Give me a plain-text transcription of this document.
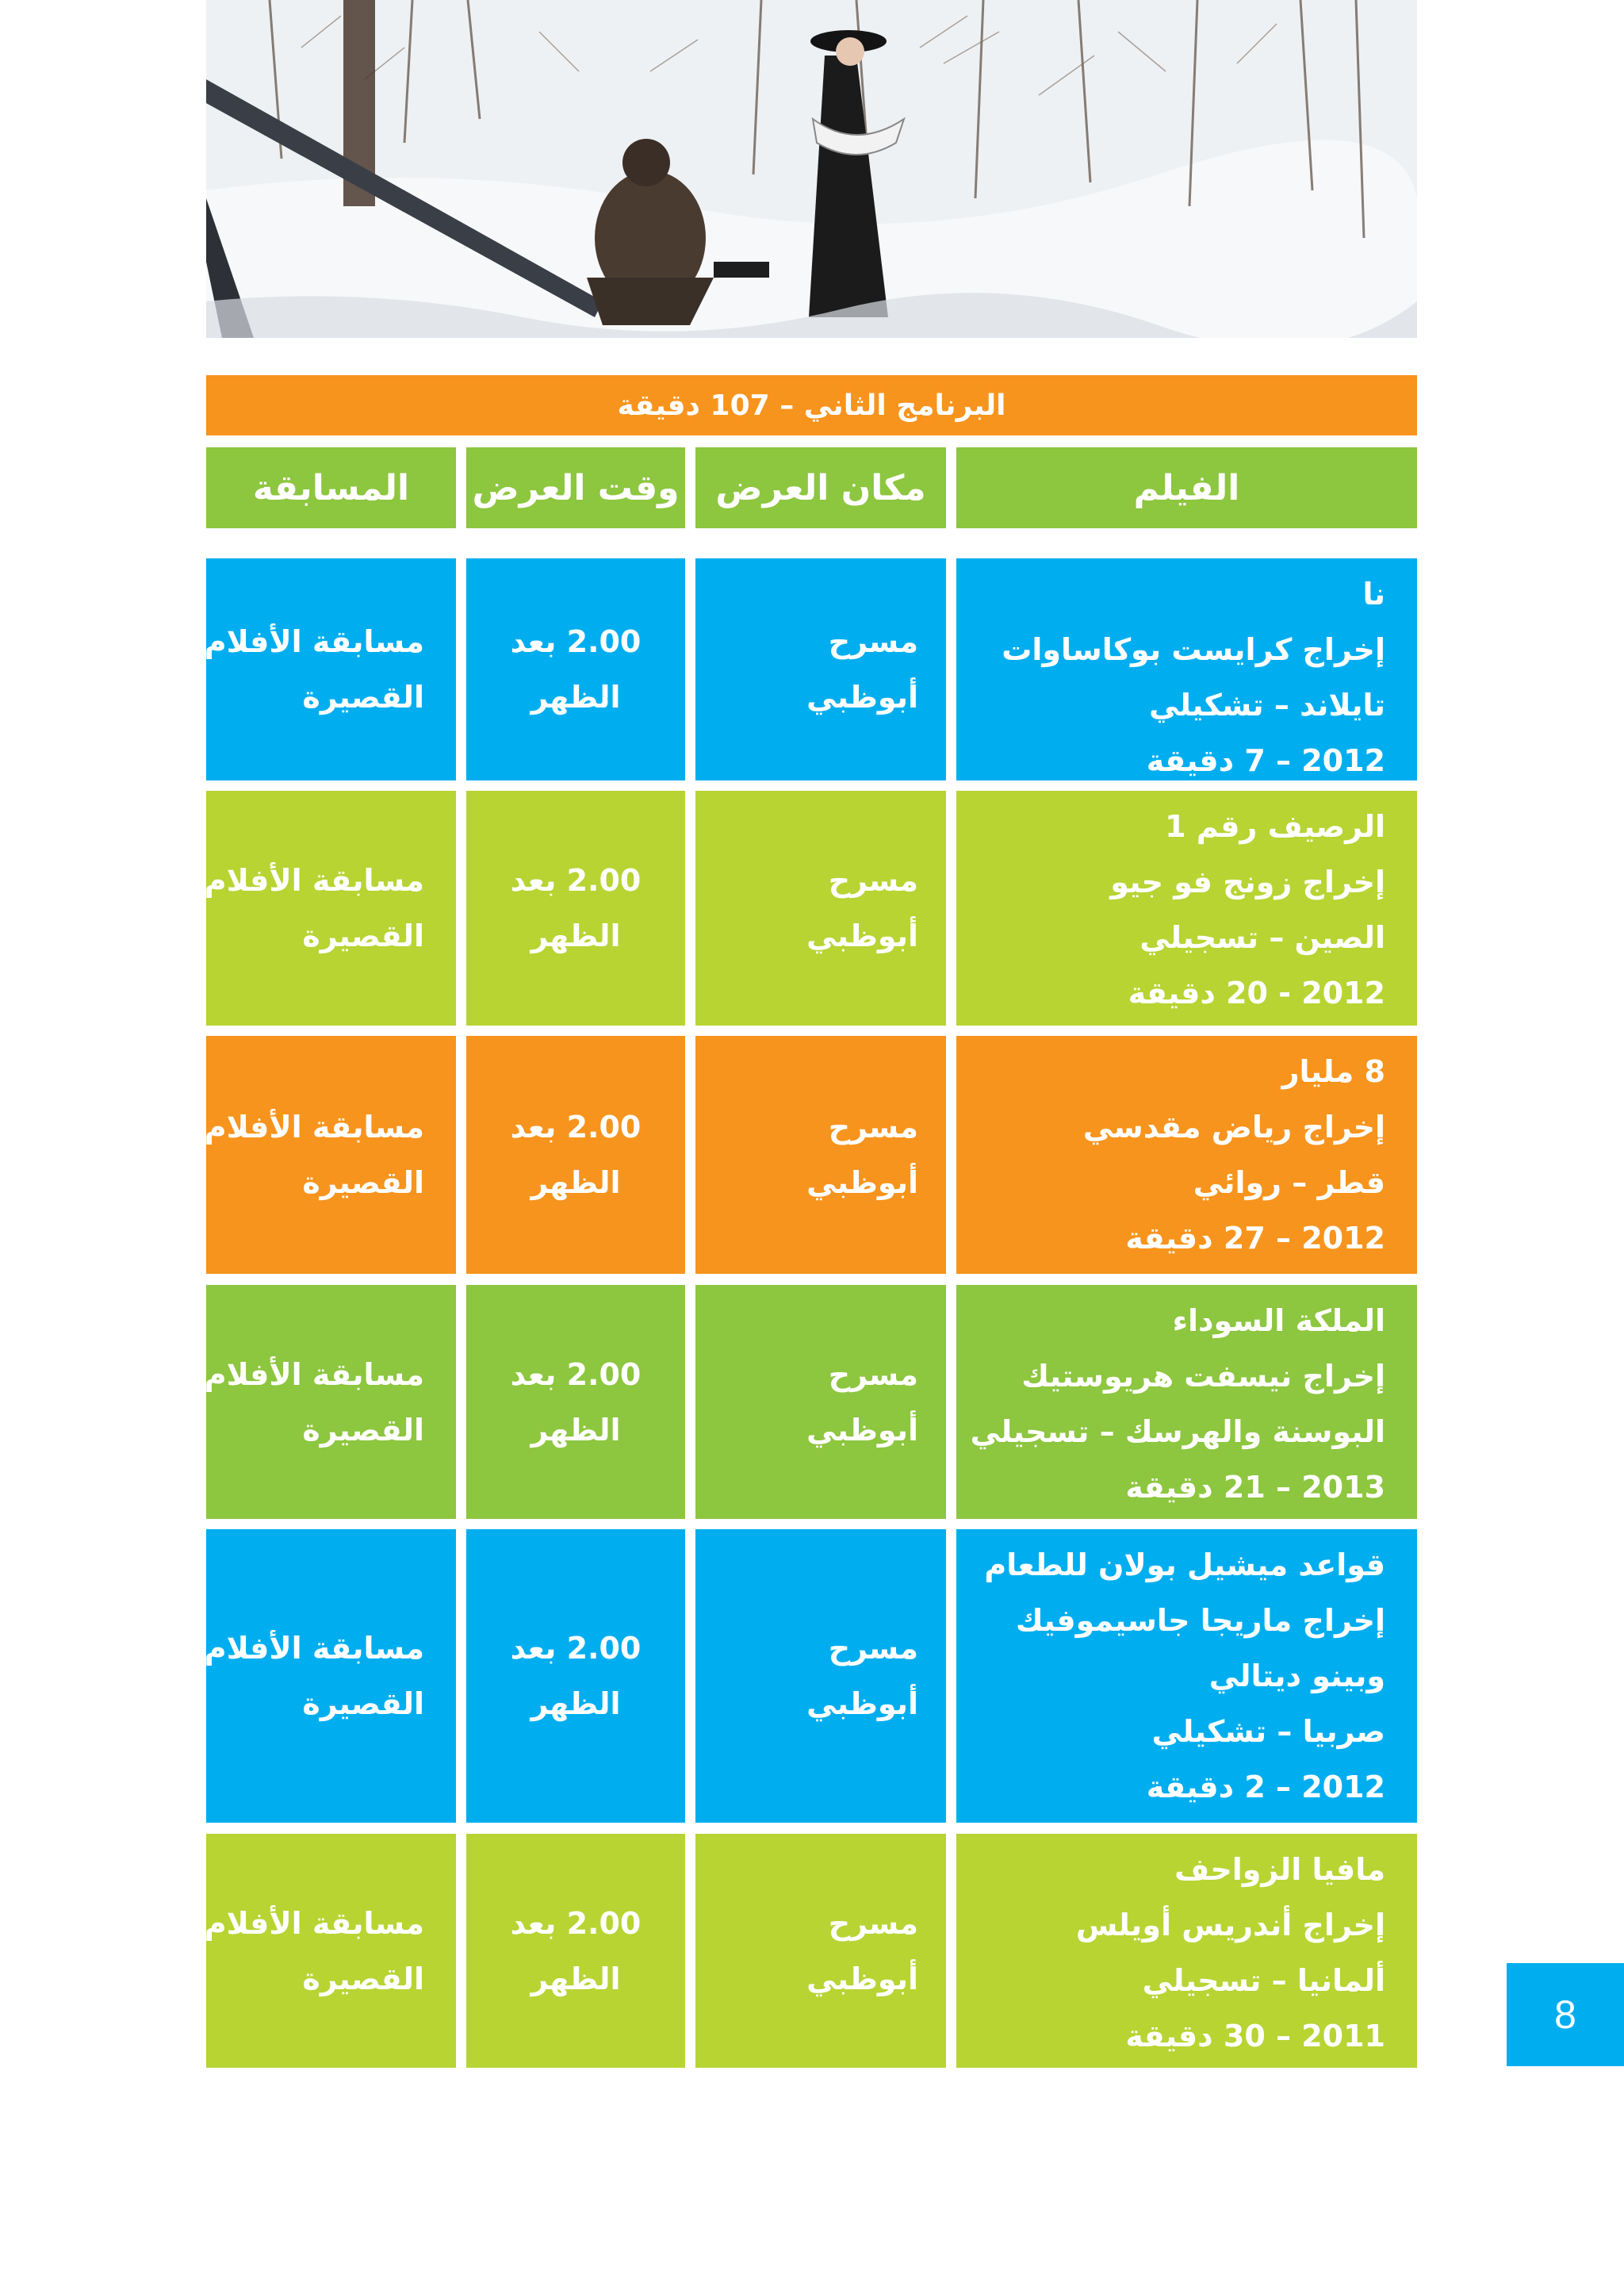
البرنامج الثاني – 107 دقيقة
الفيلم
مكان العرض
وقت العرض
المسابقة
نا
إخراج كرايست بوكاساوات
تايلاند – تشكيلي
2012 – 7 دقيقة
مسرح
أبوظبي
2.00 بعد
الظهر
مسابقة الأفلام
القصيرة
الرصيف رقم 1
إخراج زونج فو جيو
الصين – تسجيلي
2012 - 20 دقيقة
مسرح
أبوظبي
2.00 بعد
الظهر
مسابقة الأفلام
القصيرة
8 مليار
إخراج رياض مقدسي
قطر – روائي
2012 – 27 دقيقة
مسرح
أبوظبي
2.00 بعد
الظهر
مسابقة الأفلام
القصيرة
الملكة السوداء
إخراج نيسفت هريوستيك
البوسنة والهرسك – تسجيلي
2013 – 21 دقيقة
مسرح
أبوظبي
2.00 بعد
الظهر
مسابقة الأفلام
القصيرة
قواعد ميشيل بولان للطعام
إخراج ماريجا جاسيموفيك
وبينو ديتالي
صربيا – تشكيلي
2012 – 2 دقيقة
مسرح
أبوظبي
2.00 بعد
الظهر
مسابقة الأفلام
القصيرة
مافيا الزواحف
إخراج أندريس أويلس
ألمانيا – تسجيلي
2011 – 30 دقيقة
مسرح
أبوظبي
2.00 بعد
الظهر
مسابقة الأفلام
القصيرة
8
